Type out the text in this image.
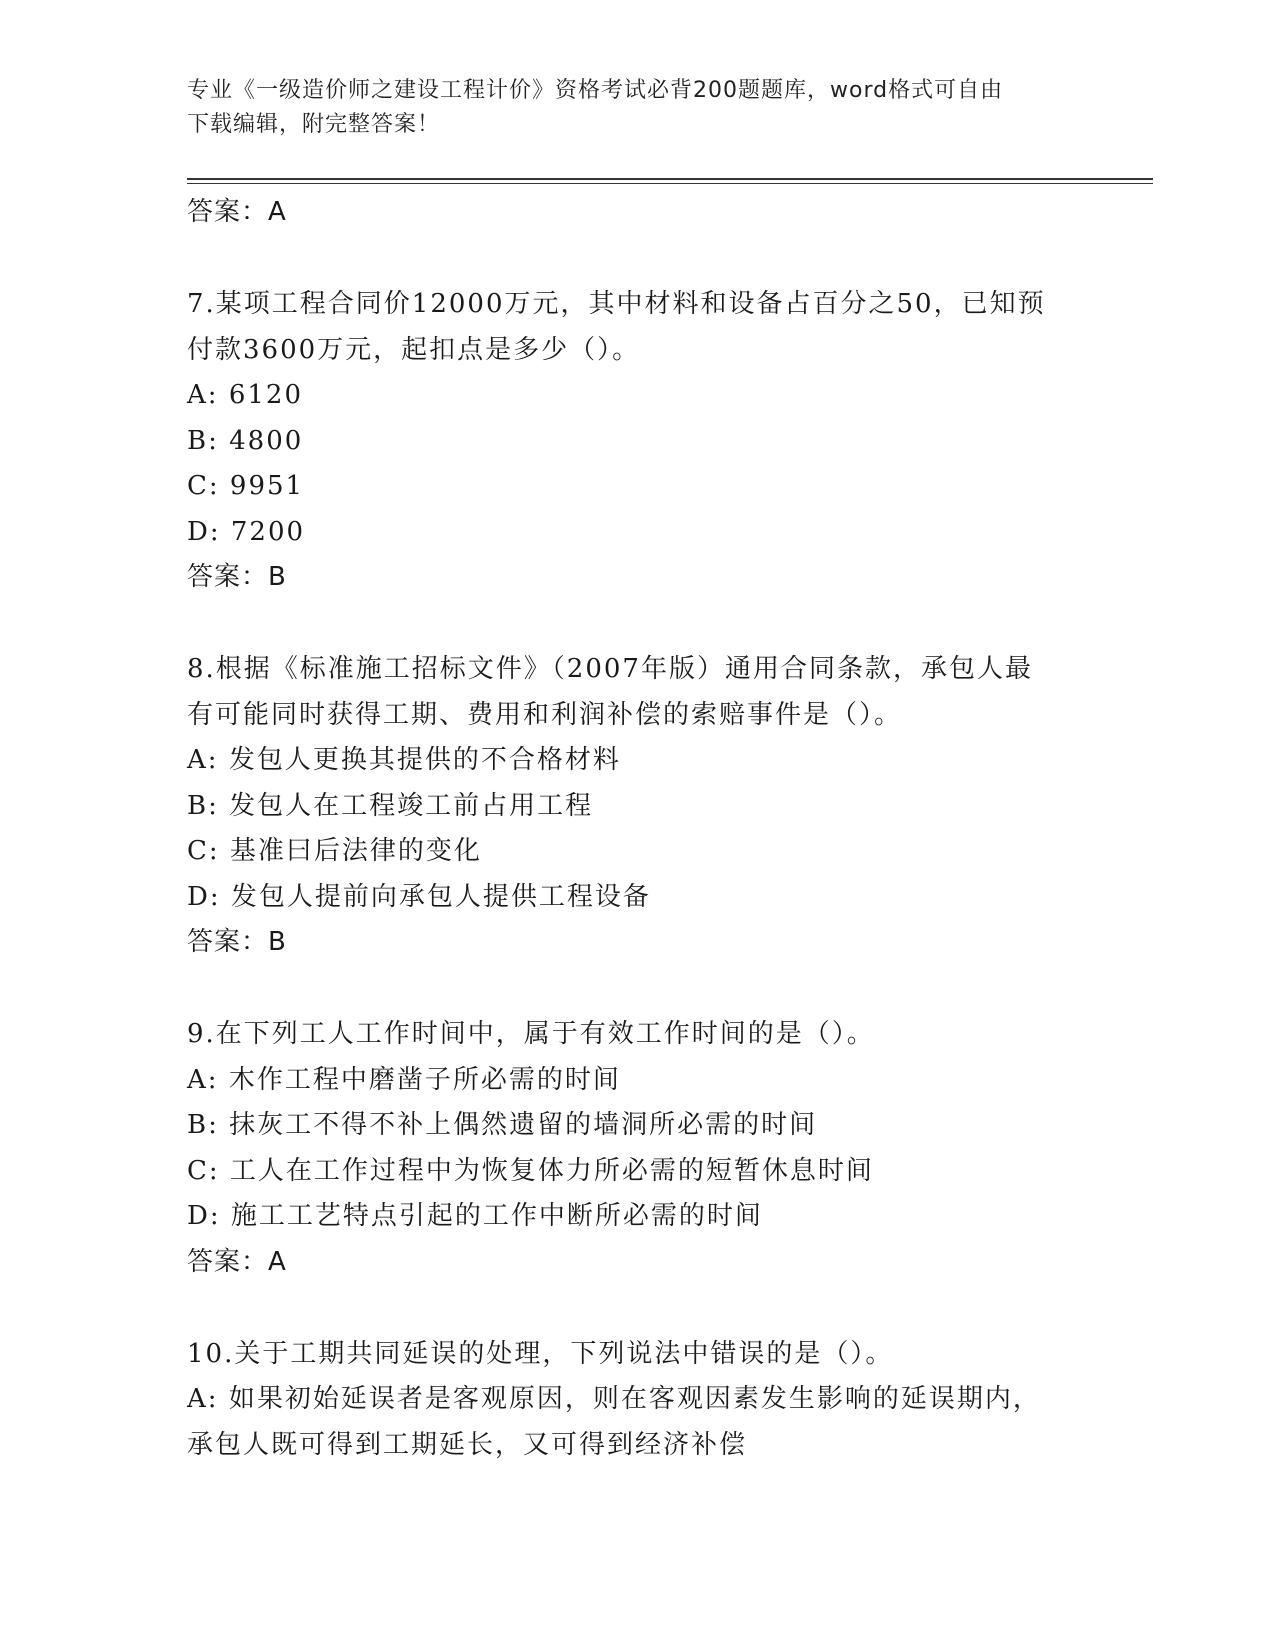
专业《一级造价师之建设工程计价》资格考试必背200题题库，word格式可自由
下载编辑，附完整答案！
答案：A
7.某项工程合同价12000万元，其中材料和设备占百分之50，已知预
付款3600万元，起扣点是多少（）。
A: 6120
B: 4800
C: 9951
D: 7200
答案：B
8.根据《标准施工招标文件》（2007年版）通用合同条款，承包人最
有可能同时获得工期、费用和利润补偿的索赔事件是（）。
A: 发包人更换其提供的不合格材料
B: 发包人在工程竣工前占用工程
C: 基准曰后法律的变化
D: 发包人提前向承包人提供工程设备
答案：B
9.在下列工人工作时间中，属于有效工作时间的是（）。
A: 木作工程中磨凿子所必需的时间
B: 抹灰工不得不补上偶然遗留的墙洞所必需的时间
C: 工人在工作过程中为恢复体力所必需的短暂休息时间
D: 施工工艺特点引起的工作中断所必需的时间
答案：A
10.关于工期共同延误的处理，下列说法中错误的是（）。
A: 如果初始延误者是客观原因，则在客观因素发生影响的延误期内，
承包人既可得到工期延长，又可得到经济补偿
